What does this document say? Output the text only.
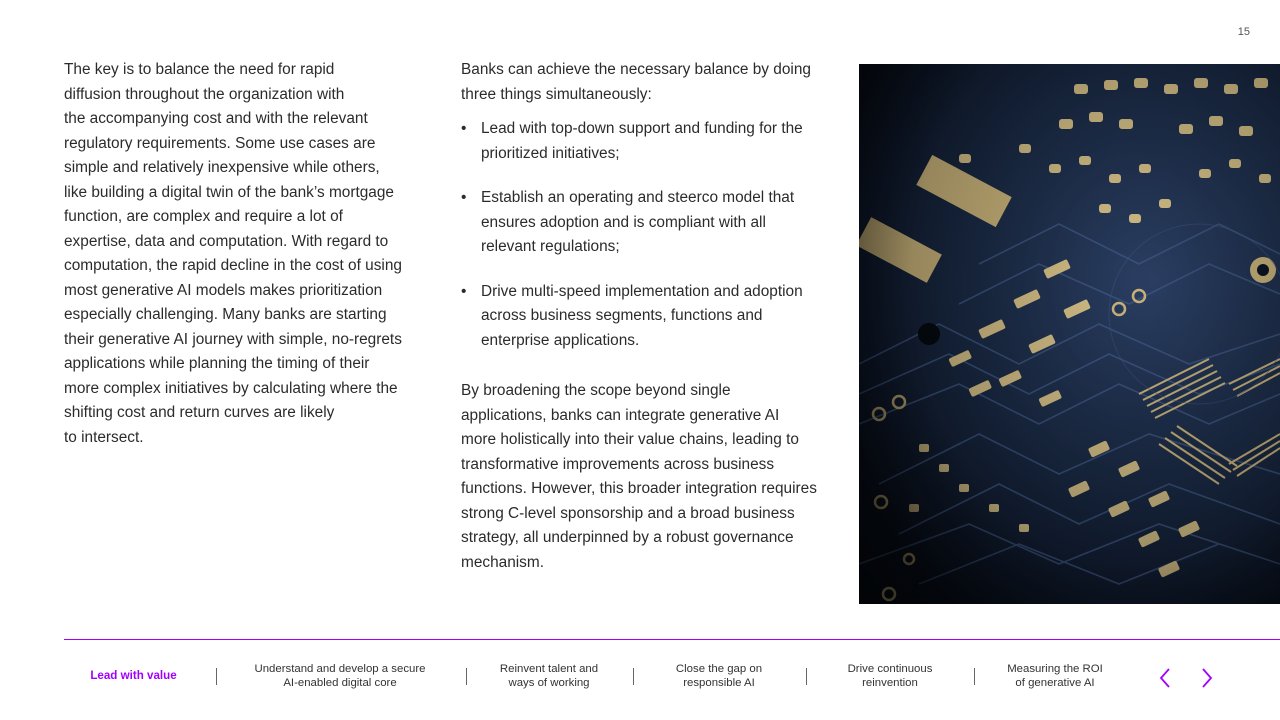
15
The key is to balance the need for rapid
diffusion throughout the organization with
the accompanying cost and with the relevant
regulatory requirements. Some use cases are
simple and relatively inexpensive while others,
like building a digital twin of the bank’s mortgage
function, are complex and require a lot of
expertise, data and computation. With regard to
computation, the rapid decline in the cost of using
most generative AI models makes prioritization
especially challenging. Many banks are starting
their generative AI journey with simple, no-regrets
applications while planning the timing of their
more complex initiatives by calculating where the
shifting cost and return curves are likely
to intersect.

Banks can achieve the necessary balance by doing three things simultaneously:

• Lead with top-down support and funding for the prioritized initiatives;
• Establish an operating and steerco model that ensures adoption and is compliant with all relevant regulations;
• Drive multi-speed implementation and adoption across business segments, functions and enterprise applications.

By broadening the scope beyond single applications, banks can integrate generative AI more holistically into their value chains, leading to transformative improvements across business functions. However, this broader integration requires strong C-level sponsorship and a broad business strategy, all underpinned by a robust governance mechanism.

Lead with value	Understand and develop a secure
AI-enabled digital core
Reinvent talent and
ways of working
Close the gap on
responsible AI
Drive continuous
reinvention
Measuring the ROI
of generative AI
